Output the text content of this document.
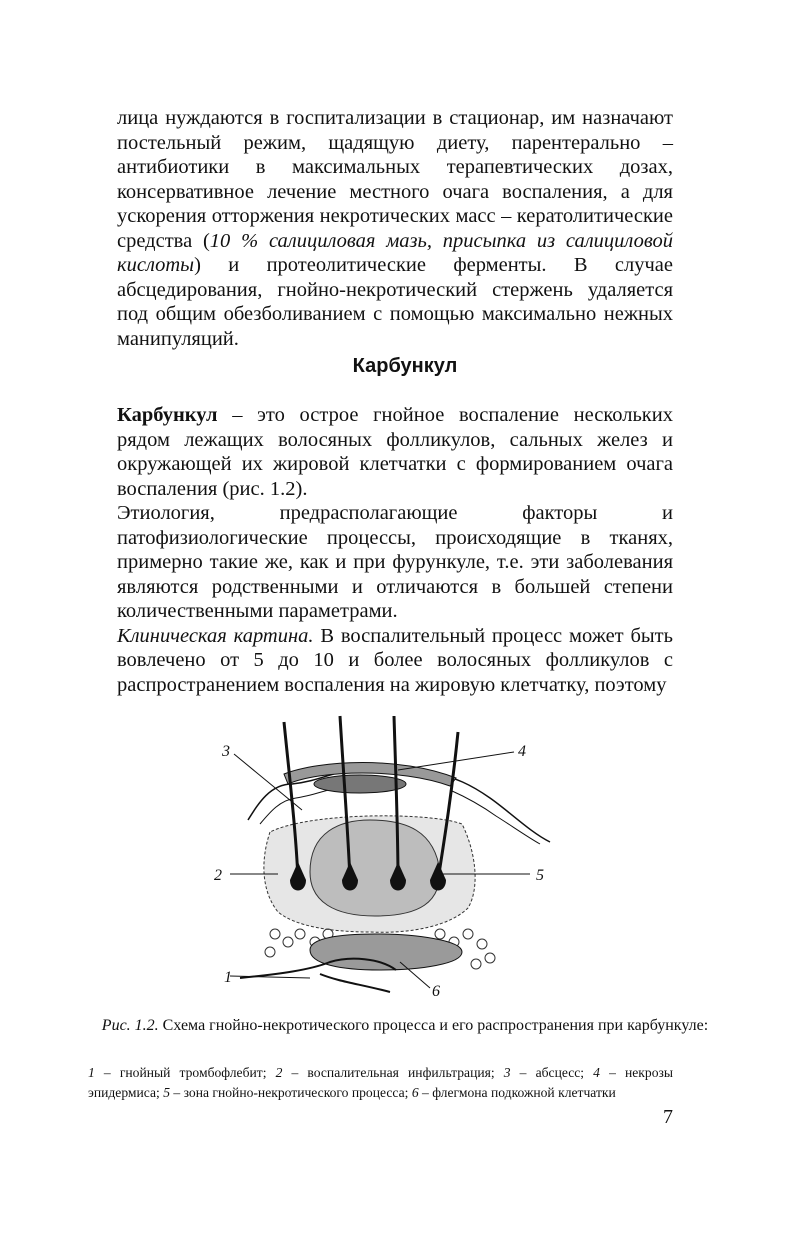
лица нуждаются в госпитализации в стационар, им назначают постельный режим, щадящую диету, парентерально – антибиотики в максимальных терапевтических дозах, консервативное лечение местного очага воспаления, а для ускорения отторжения некротических масс – кератолитические средства (10 % салициловая мазь, присыпка из салициловой кислоты) и протеолитические ферменты. В случае абсцедирования, гнойно-некротический стержень удаляется под общим обезболиванием с помощью максимально нежных манипуляций.

Карбункул

Карбункул – это острое гнойное воспаление нескольких рядом лежащих волосяных фолликулов, сальных желез и окружающей их жировой клетчатки с формированием очага воспаления (рис. 1.2).

Этиология, предрасполагающие факторы и патофизиологические процессы, происходящие в тканях, примерно такие же, как и при фурункуле, т.е. эти заболевания являются родственными и отличаются в большей степени количественными параметрами.

Клиническая картина. В воспалительный процесс может быть вовлечено от 5 до 10 и более волосяных фолликулов с распространением воспаления на жировую клетчатку, поэтому

1
2
3	4
5
6
Рис. 1.2. Схема гнойно-некротического процесса и его распространения при карбункуле:
1 – гнойный тромбофлебит; 2 – воспалительная инфильтрация; 3 – абсцесс; 4 – некрозы эпидермиса; 5 – зона гнойно-некротического процесса; 6 – флегмона подкожной клетчатки
7
